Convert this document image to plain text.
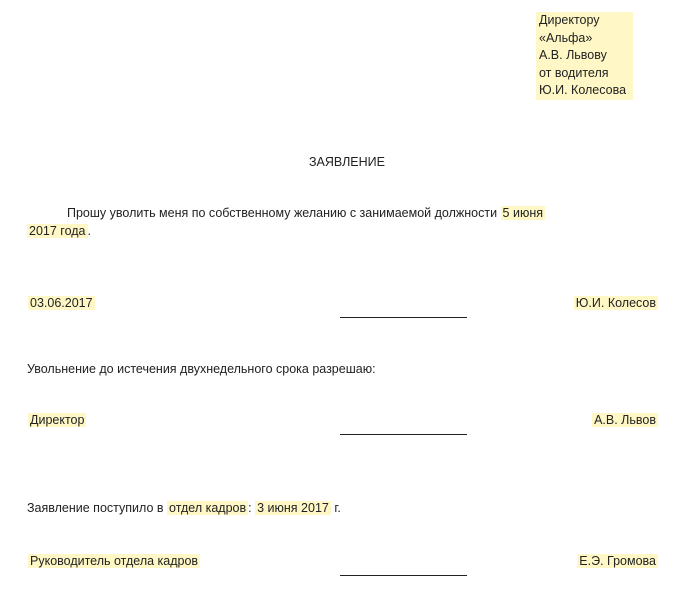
Директору
«Альфа»
А.В. Львову
от водителя
Ю.И. Колесова
ЗАЯВЛЕНИЕ
Прошу уволить меня по собственному желанию с занимаемой должности 5 июня
2017 года .
03.06.2017	Ю.И. Колесов
Увольнение до истечения двухнедельного срока разрешаю:
Директор	А.В. Львов
Заявление поступило в отдел кадров : 3 июня 2017 г.
Руководитель отдела кадров	Е.Э. Громова
